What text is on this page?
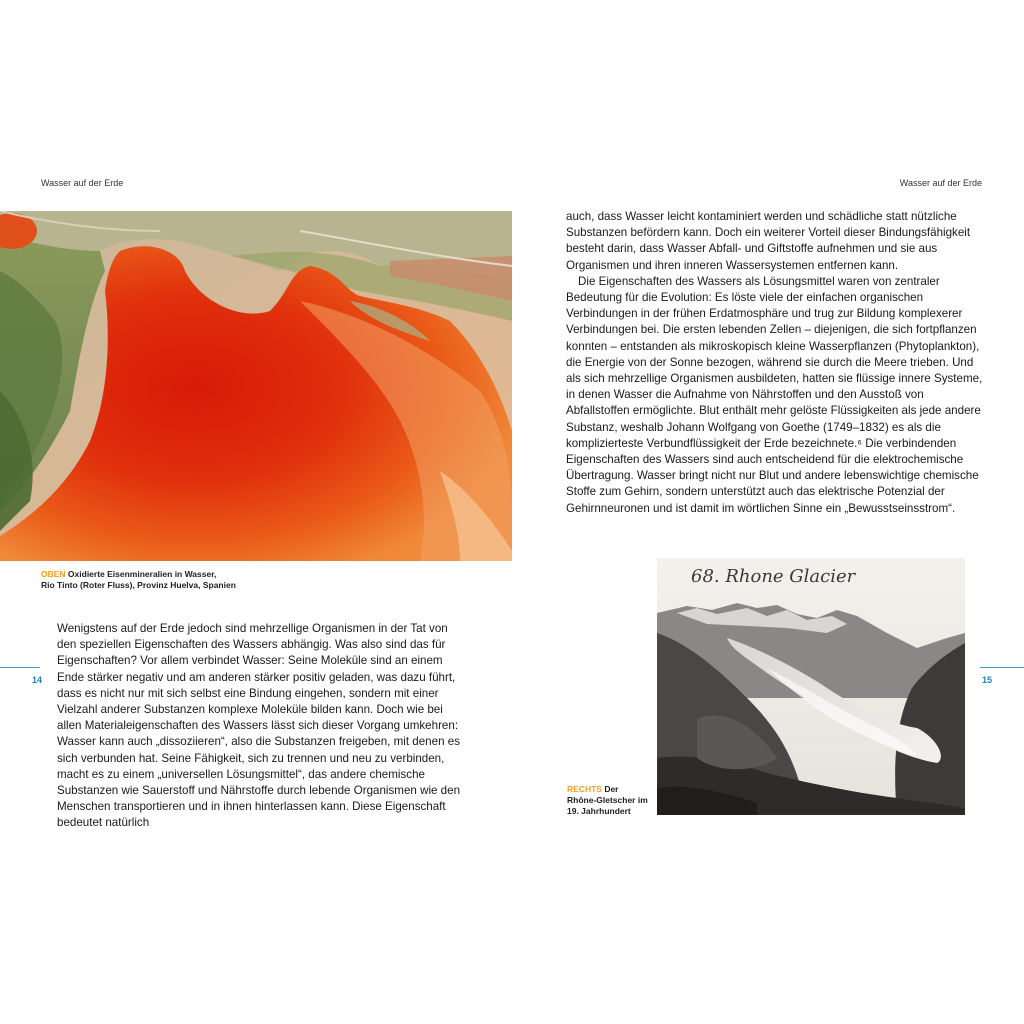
Wasser auf der Erde	Wasser auf der Erde
OBEN Oxidierte Eisenmineralien in Wasser,
Rio Tinto (Roter Fluss), Provinz Huelva, Spanien
14

Wenigstens auf der Erde jedoch sind mehrzellige Organismen in der Tat von den speziellen Eigenschaften des Wassers abhängig. Was also sind das für Eigenschaften? Vor allem verbindet Wasser: Seine Moleküle sind an einem Ende stärker negativ und am anderen stärker positiv geladen, was dazu führt, dass es nicht nur mit sich selbst eine Bindung eingehen, sondern mit einer Vielzahl anderer Substanzen komplexe Moleküle bilden kann. Doch wie bei allen Materialeigenschaften des Wassers lässt sich dieser Vorgang umkehren: Wasser kann auch „dissoziieren“, also die Substanzen freigeben, mit denen es sich verbunden hat. Seine Fähigkeit, sich zu trennen und neu zu verbinden, macht es zu einem „universellen Lösungsmittel“, das andere chemische Substanzen wie Sauerstoff und Nährstoffe durch lebende Organismen wie den Menschen transportieren und in ihnen hinterlassen kann. Diese Eigenschaft bedeutet natürlich

auch, dass Wasser leicht kontaminiert werden und schädliche statt nützliche Substanzen befördern kann. Doch ein weiterer Vorteil dieser Bindungsfähigkeit besteht darin, dass Wasser Abfall- und Giftstoffe aufnehmen und sie aus Organismen und ihren inneren Wassersystemen entfernen kann.

Die Eigenschaften des Wassers als Lösungsmittel waren von zentraler Bedeutung für die Evolution: Es löste viele der einfachen organischen Verbindungen in der frühen Erdatmosphäre und trug zur Bildung komplexerer Verbindungen bei. Die ersten lebenden Zellen – diejenigen, die sich fortpflanzen konnten – entstanden als mikroskopisch kleine Wasserpflanzen (Phytoplankton), die Energie von der Sonne bezogen, während sie durch die Meere trieben. Und als sich mehrzellige Organismen ausbildeten, hatten sie flüssige innere Systeme, in denen Wasser die Aufnahme von Nährstoffen und den Ausstoß von Abfallstoffen ermöglichte. Blut enthält mehr gelöste Flüssigkeiten als jede andere Substanz, weshalb Johann Wolfgang von Goethe (1749–1832) es als die komplizierteste Verbundflüssigkeit der Erde bezeichnete.⁶ Die verbindenden Eigenschaften des Wassers sind auch entscheidend für die elektrochemische Übertragung. Wasser bringt nicht nur Blut und andere lebenswichtige chemische Stoffe zum Gehirn, sondern unterstützt auch das elektrische Potenzial der Gehirnneuronen und ist damit im wörtlichen Sinne ein „Bewusstseinsstrom“.

68. Rhone Glacier
RECHTS Der
Rhône-Gletscher im
19. Jahrhundert
15
